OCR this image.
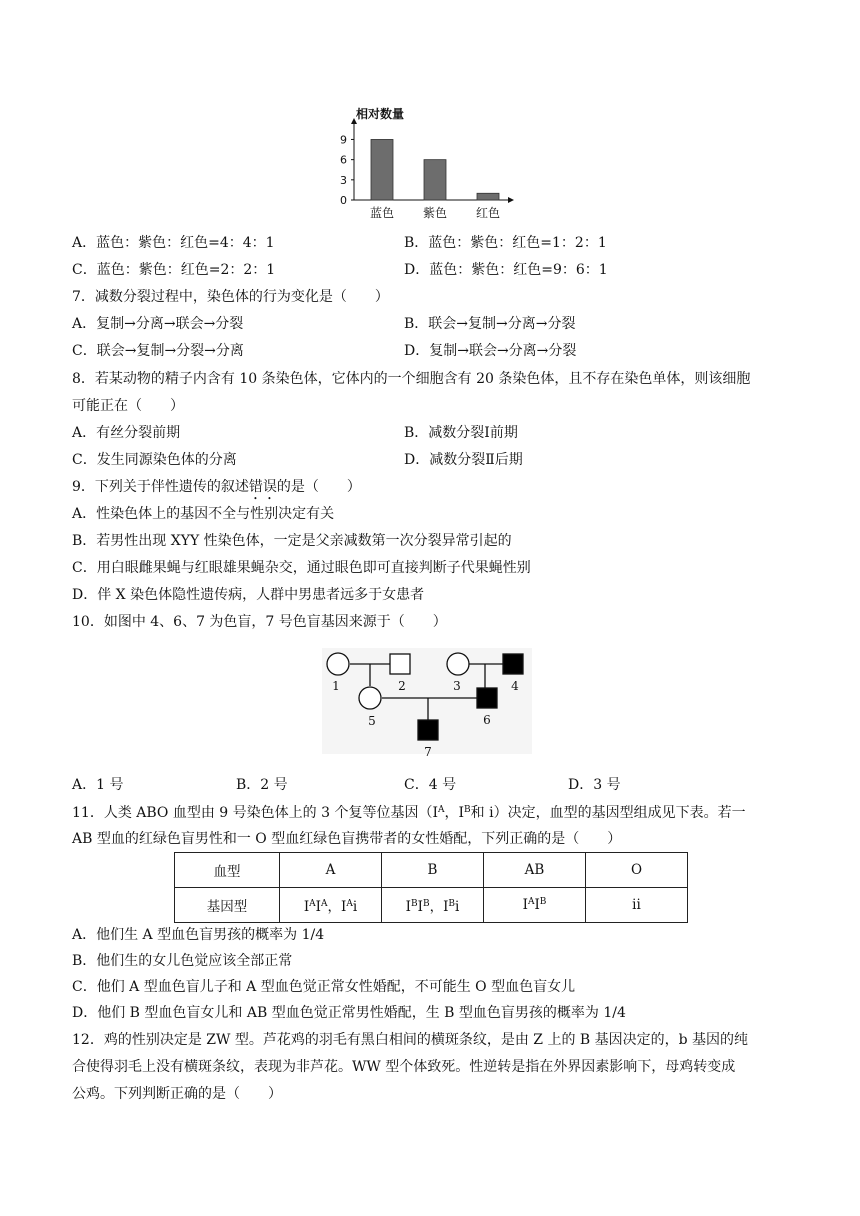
相对数量
0
3
6
9
蓝色 紫色 红色
A．蓝色：紫色：红色=4：4：1	B．蓝色：紫色：红色=1：2：1
C．蓝色：紫色：红色=2：2：1	D．蓝色：紫色：红色=9：6：1
7．减数分裂过程中，染色体的行为变化是（　　）
A．复制→分离→联会→分裂	B．联会→复制→分离→分裂
C．联会→复制→分裂→分离	D．复制→联会→分离→分裂
8．若某动物的精子内含有 10 条染色体，它体内的一个细胞含有 20 条染色体，且不存在染色单体，则该细胞
可能正在（　　）
A．有丝分裂前期	B．减数分裂Ⅰ前期
C．发生同源染色体的分离	D．减数分裂Ⅱ后期
9．下列关于伴性遗传的叙述错误的是（　　）
A．性染色体上的基因不全与性别决定有关
B．若男性出现 XYY 性染色体，一定是父亲减数第一次分裂异常引起的
C．用白眼雌果蝇与红眼雄果蝇杂交，通过眼色即可直接判断子代果蝇性别
D．伴 X 染色体隐性遗传病，人群中男患者远多于女患者
10．如图中 4、6、7 为色盲，7 号色盲基因来源于（　　）
1	2	3	4
5	6
7
A．1 号	B．2 号	C．4 号	D．3 号
11．人类 ABO 血型由 9 号染色体上的 3 个复等位基因（$I^A$，$I^B$和 i）决定，血型的基因型组成见下表。若一
AB 型血的红绿色盲男性和一 O 型血红绿色盲携带者的女性婚配，下列正确的是（　　）
血型	A	B	AB	O
基因型	$I^AI^A$，$I^Ai$	$I^BI^B$，$I^Bi$	$I^AI^B$	ii
A．他们生 A 型血色盲男孩的概率为 1/4
B．他们生的女儿色觉应该全部正常
C．他们 A 型血色盲儿子和 A 型血色觉正常女性婚配，不可能生 O 型血色盲女儿
D．他们 B 型血色盲女儿和 AB 型血色觉正常男性婚配，生 B 型血色盲男孩的概率为 1/4
12．鸡的性别决定是 ZW 型。芦花鸡的羽毛有黑白相间的横斑条纹，是由 Z 上的 B 基因决定的，b 基因的纯
合使得羽毛上没有横斑条纹，表现为非芦花。WW 型个体致死。性逆转是指在外界因素影响下，母鸡转变成
公鸡。下列判断正确的是（　　）
